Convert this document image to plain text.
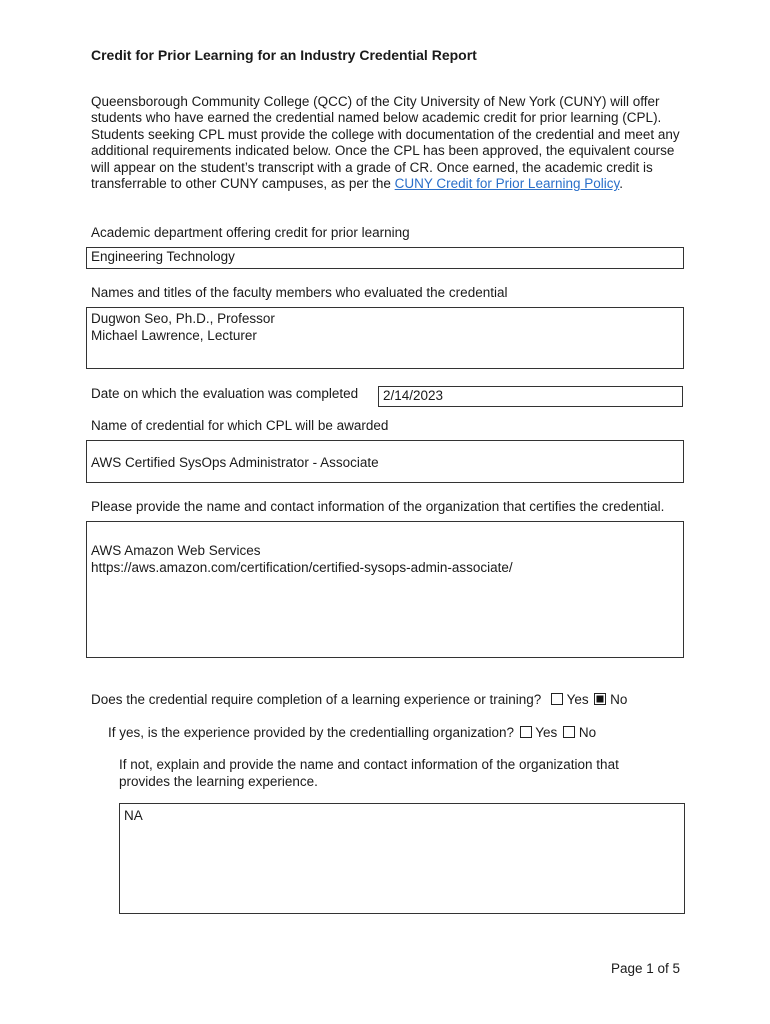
Credit for Prior Learning for an Industry Credential Report
Queensborough Community College (QCC) of the City University of New York (CUNY) will offer students who have earned the credential named below academic credit for prior learning (CPL). Students seeking CPL must provide the college with documentation of the credential and meet any additional requirements indicated below. Once the CPL has been approved, the equivalent course will appear on the student’s transcript with a grade of CR. Once earned, the academic credit is transferrable to other CUNY campuses, as per the CUNY Credit for Prior Learning Policy.
Academic department offering credit for prior learning
Engineering Technology
Names and titles of the faculty members who evaluated the credential
Dugwon Seo, Ph.D., Professor
Michael Lawrence, Lecturer
Date on which the evaluation was completed	2/14/2023
Name of credential for which CPL will be awarded
AWS Certified SysOps Administrator - Associate
Please provide the name and contact information of the organization that certifies the credential.
AWS Amazon Web Services
https://aws.amazon.com/certification/certified-sysops-admin-associate/
Does the credential require completion of a learning experience or training? Yes No
If yes, is the experience provided by the credentialling organization? Yes No
If not, explain and provide the name and contact information of the organization that
provides the learning experience.
NA
Page 1 of 5
